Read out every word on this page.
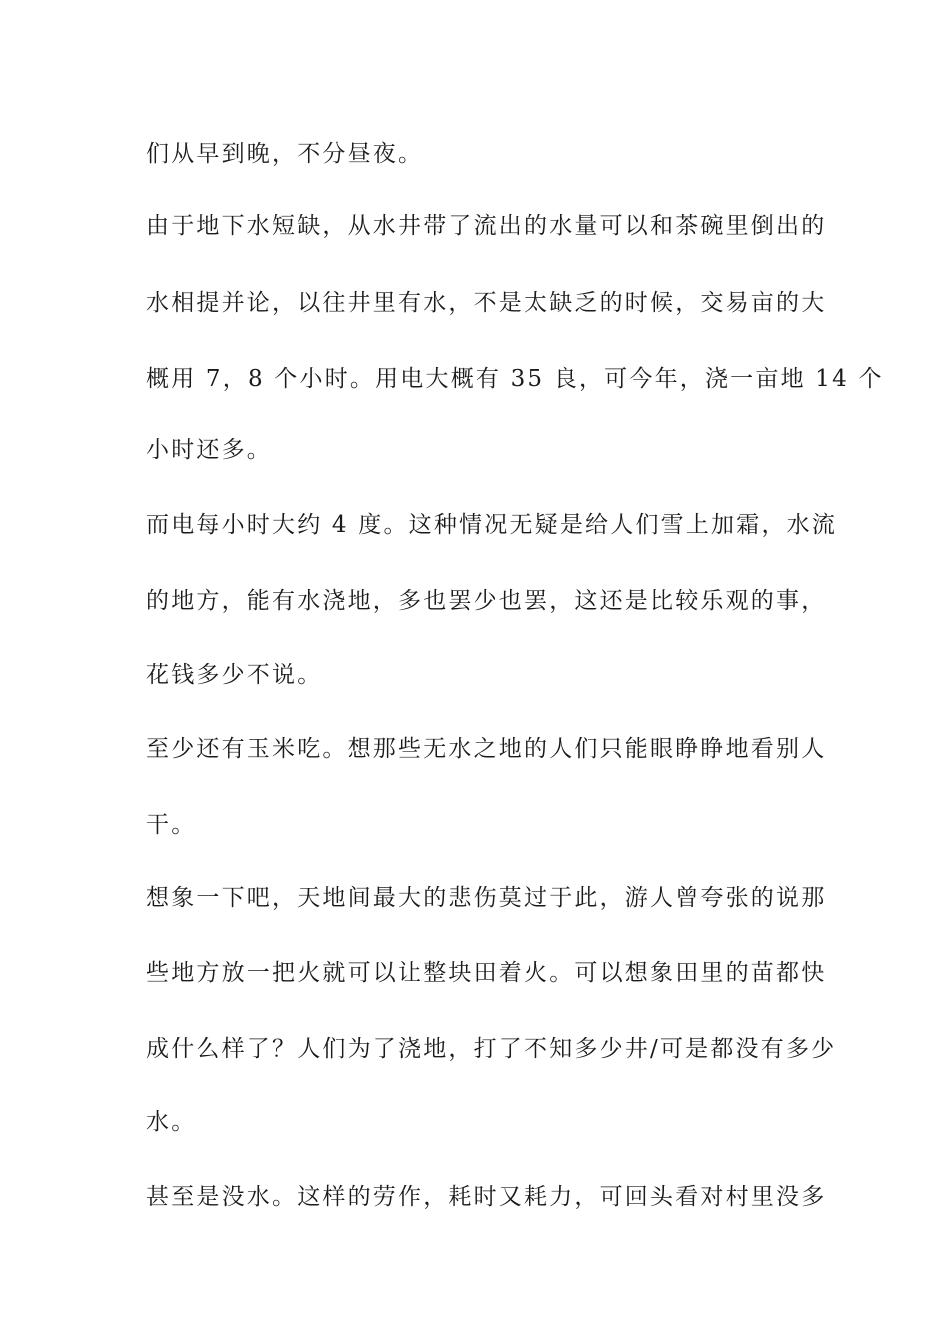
们从早到晚，不分昼夜。
由于地下水短缺，从水井带了流出的水量可以和茶碗里倒出的
水相提并论，以往井里有水，不是太缺乏的时候，交易亩的大
概用 7，8 个小时。用电大概有 35 良，可今年，浇一亩地 14 个
小时还多。
而电每小时大约 4 度。这种情况无疑是给人们雪上加霜，水流
的地方，能有水浇地，多也罢少也罢，这还是比较乐观的事，
花钱多少不说。
至少还有玉米吃。想那些无水之地的人们只能眼睁睁地看别人
干。
想象一下吧，天地间最大的悲伤莫过于此，游人曾夸张的说那
些地方放一把火就可以让整块田着火。可以想象田里的苗都快
成什么样了？人们为了浇地，打了不知多少井/可是都没有多少
水。
甚至是没水。这样的劳作，耗时又耗力，可回头看对村里没多
